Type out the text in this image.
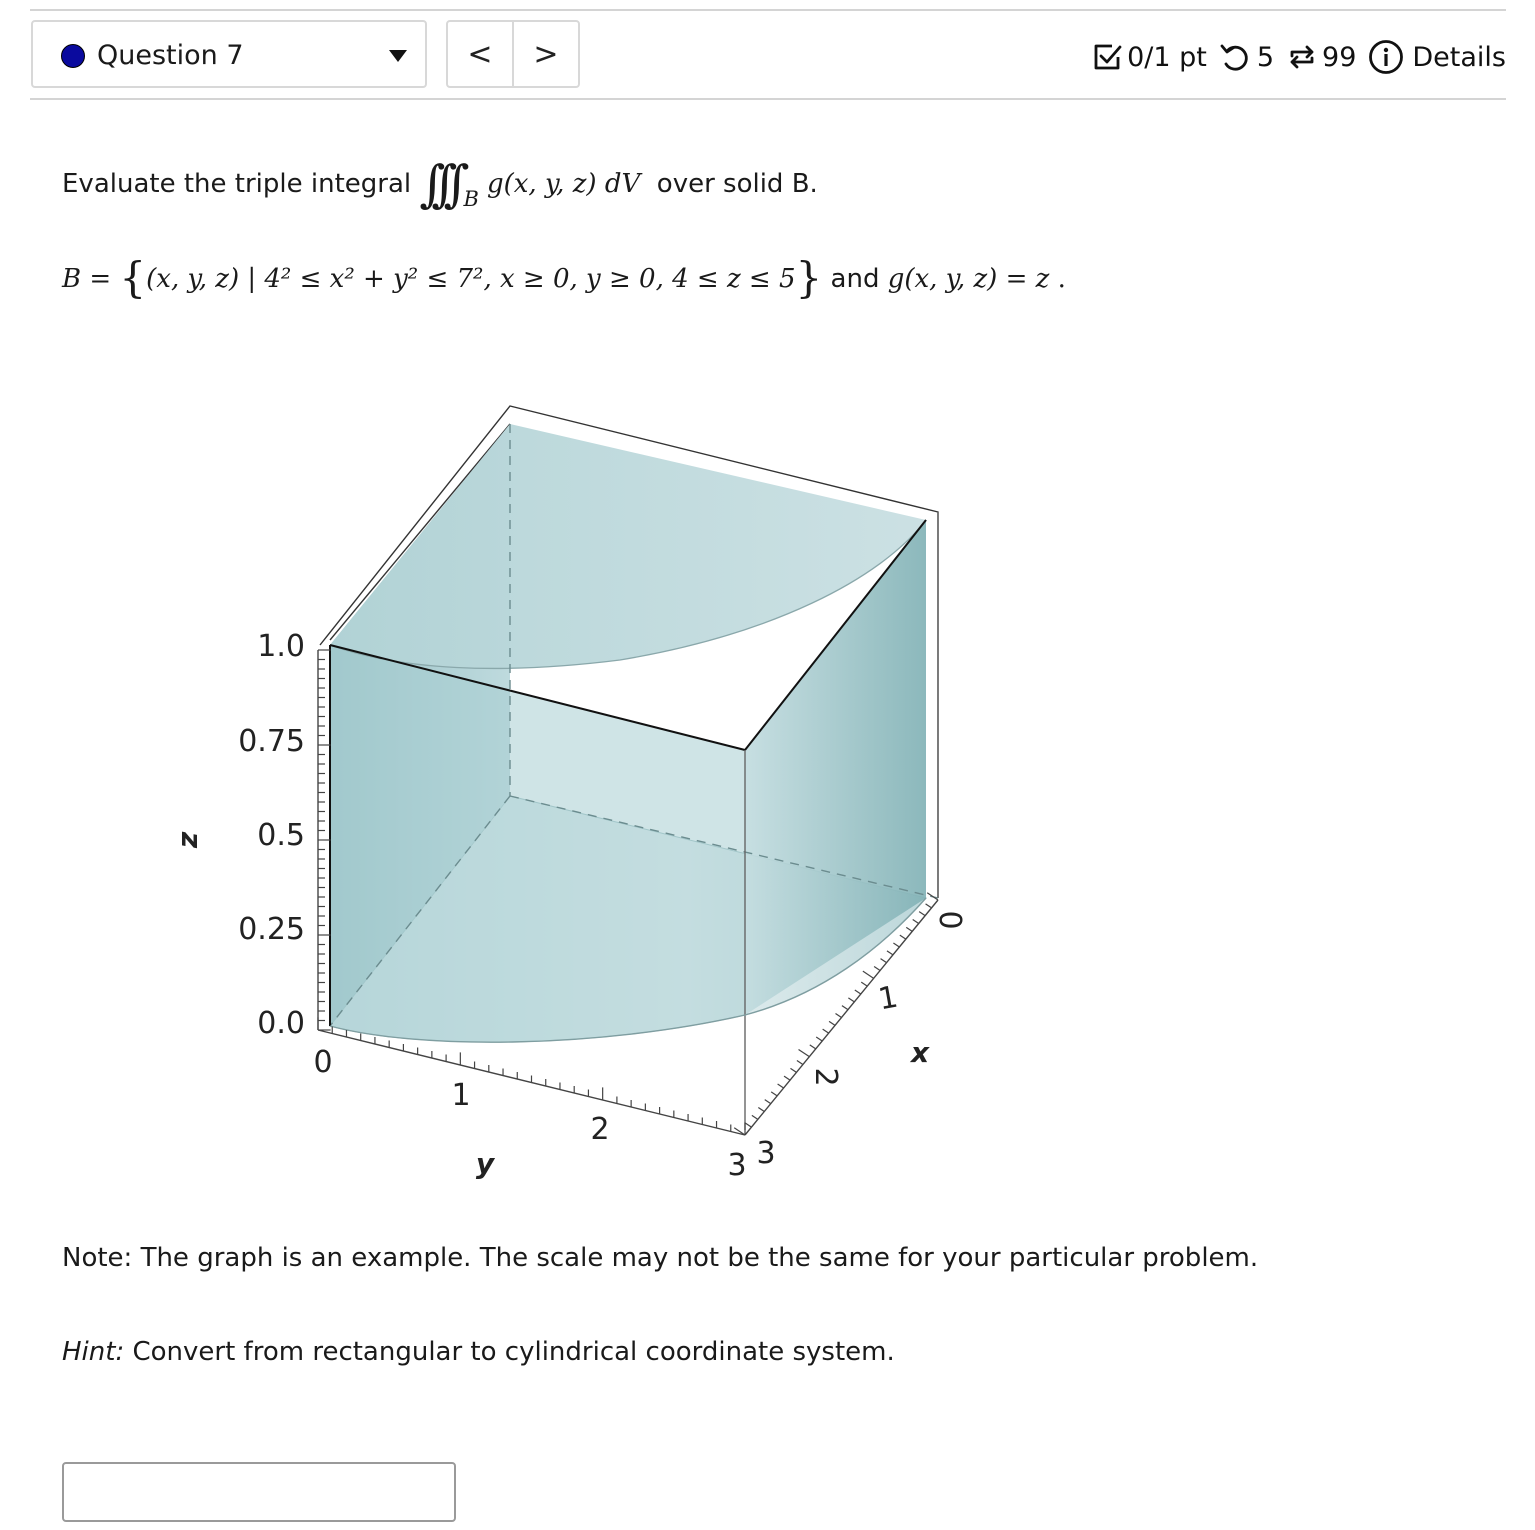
Question 7	<	>	0/1 pt 5 99 Details
Evaluate the triple integral ∫∫∫ $_B$ g(x, y, z) dV over solid B.
B = {(x, y, z) | 4² ≤ x² + y² ≤ 7², x ≥ 0, y ≥ 0, 4 ≤ z ≤ 5} and g(x, y, z) = z .
1.0
0.75
0.5
0.25
0.0
0
1
2
3
0
1
2
3
z
y
x
Note: The graph is an example. The scale may not be the same for your particular problem.
Hint: Convert from rectangular to cylindrical coordinate system.
